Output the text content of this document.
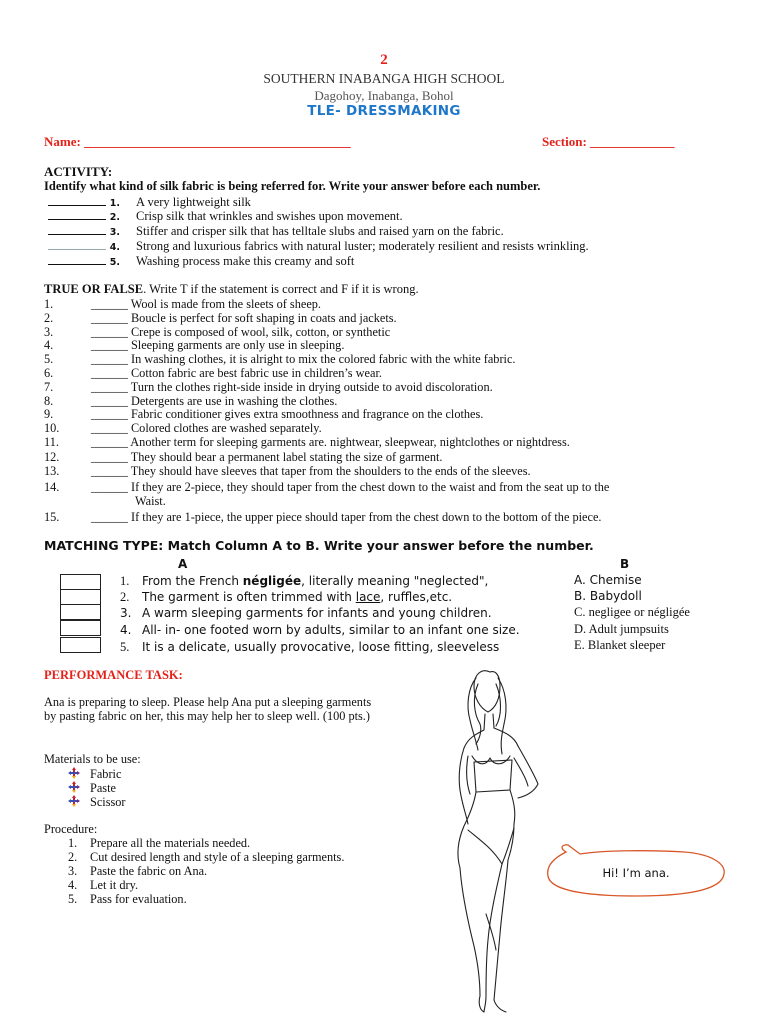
2
SOUTHERN INABANGA HIGH SCHOOL
Dagohoy, Inabanga, Bohol
TLE- DRESSMAKING
Name: _________________________________________	Section: _____________
ACTIVITY:
Identify what kind of silk fabric is being referred for. Write your answer before each number.
1. A very lightweight silk
2. Crisp silk that wrinkles and swishes upon movement.
3. Stiffer and crisper silk that has telltale slubs and raised yarn on the fabric.
4. Strong and luxurious fabrics with natural luster; moderately resilient and resists wrinkling.
5. Washing process make this creamy and soft
TRUE OR FALSE. Write T if the statement is correct and F if it is wrong.
1.	______ Wool is made from the sleets of sheep.
2.	______ Boucle is perfect for soft shaping in coats and jackets.
3.	______ Crepe is composed of wool, silk, cotton, or synthetic
4.	______ Sleeping garments are only use in sleeping.
5.	______ In washing clothes, it is alright to mix the colored fabric with the white fabric.
6.	______ Cotton fabric are best fabric use in children’s wear.
7.	______ Turn the clothes right-side inside in drying outside to avoid discoloration.
8.	______ Detergents are use in washing the clothes.
9.	______ Fabric conditioner gives extra smoothness and fragrance on the clothes.
10.	______ Colored clothes are washed separately.
11.	______ Another term for sleeping garments are. nightwear, sleepwear, nightclothes or nightdress.
12.	______ They should bear a permanent label stating the size of garment.
13.	______ They should have sleeves that taper from the shoulders to the ends of the sleeves.
14.	______ If they are 2-piece, they should taper from the chest down to the waist and from the seat up to the
Waist.
15.	______ If they are 1-piece, the upper piece should taper from the chest down to the bottom of the piece.
MATCHING TYPE: Match Column A to B. Write your answer before the number.
A	B
1. From the French négligée, literally meaning "neglected",
2. The garment is often trimmed with lace, ruffles,etc.
3. A warm sleeping garments for infants and young children.
4. All- in- one footed worn by adults, similar to an infant one size.
5. It is a delicate, usually provocative, loose fitting, sleeveless
A. Chemise
B. Babydoll
C. negligee or négligée
D. Adult jumpsuits
E. Blanket sleeper
PERFORMANCE TASK:
Ana is preparing to sleep. Please help Ana put a sleeping garments by pasting fabric on her, this may help her to sleep well. (100 pts.)
Materials to be use:
Fabric
Paste
Scissor
Procedure:
1. Prepare all the materials needed.
2. Cut desired length and style of a sleeping garments.
3. Paste the fabric on Ana.
4. Let it dry.
5. Pass for evaluation.
Hi! I’m ana.
